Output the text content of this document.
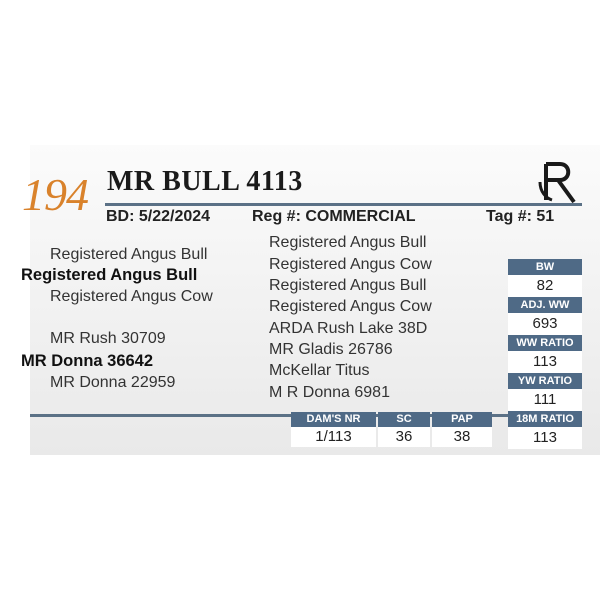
194 MR BULL 4113
BD: 5/22/2024	Reg #: COMMERCIAL	Tag #: 51
Registered Angus Bull
Registered Angus Bull
Registered Angus Cow
MR Rush 30709
MR Donna 36642
MR Donna 22959
Registered Angus Bull
Registered Angus Cow
Registered Angus Bull
Registered Angus Cow
ARDA Rush Lake 38D
MR Gladis 26786
McKellar Titus
M R Donna 6981
BW
82
ADJ. WW
693
WW RATIO
113
YW RATIO
111
18M RATIO
113
DAM'S NR
1/113
SC
36
PAP
38
